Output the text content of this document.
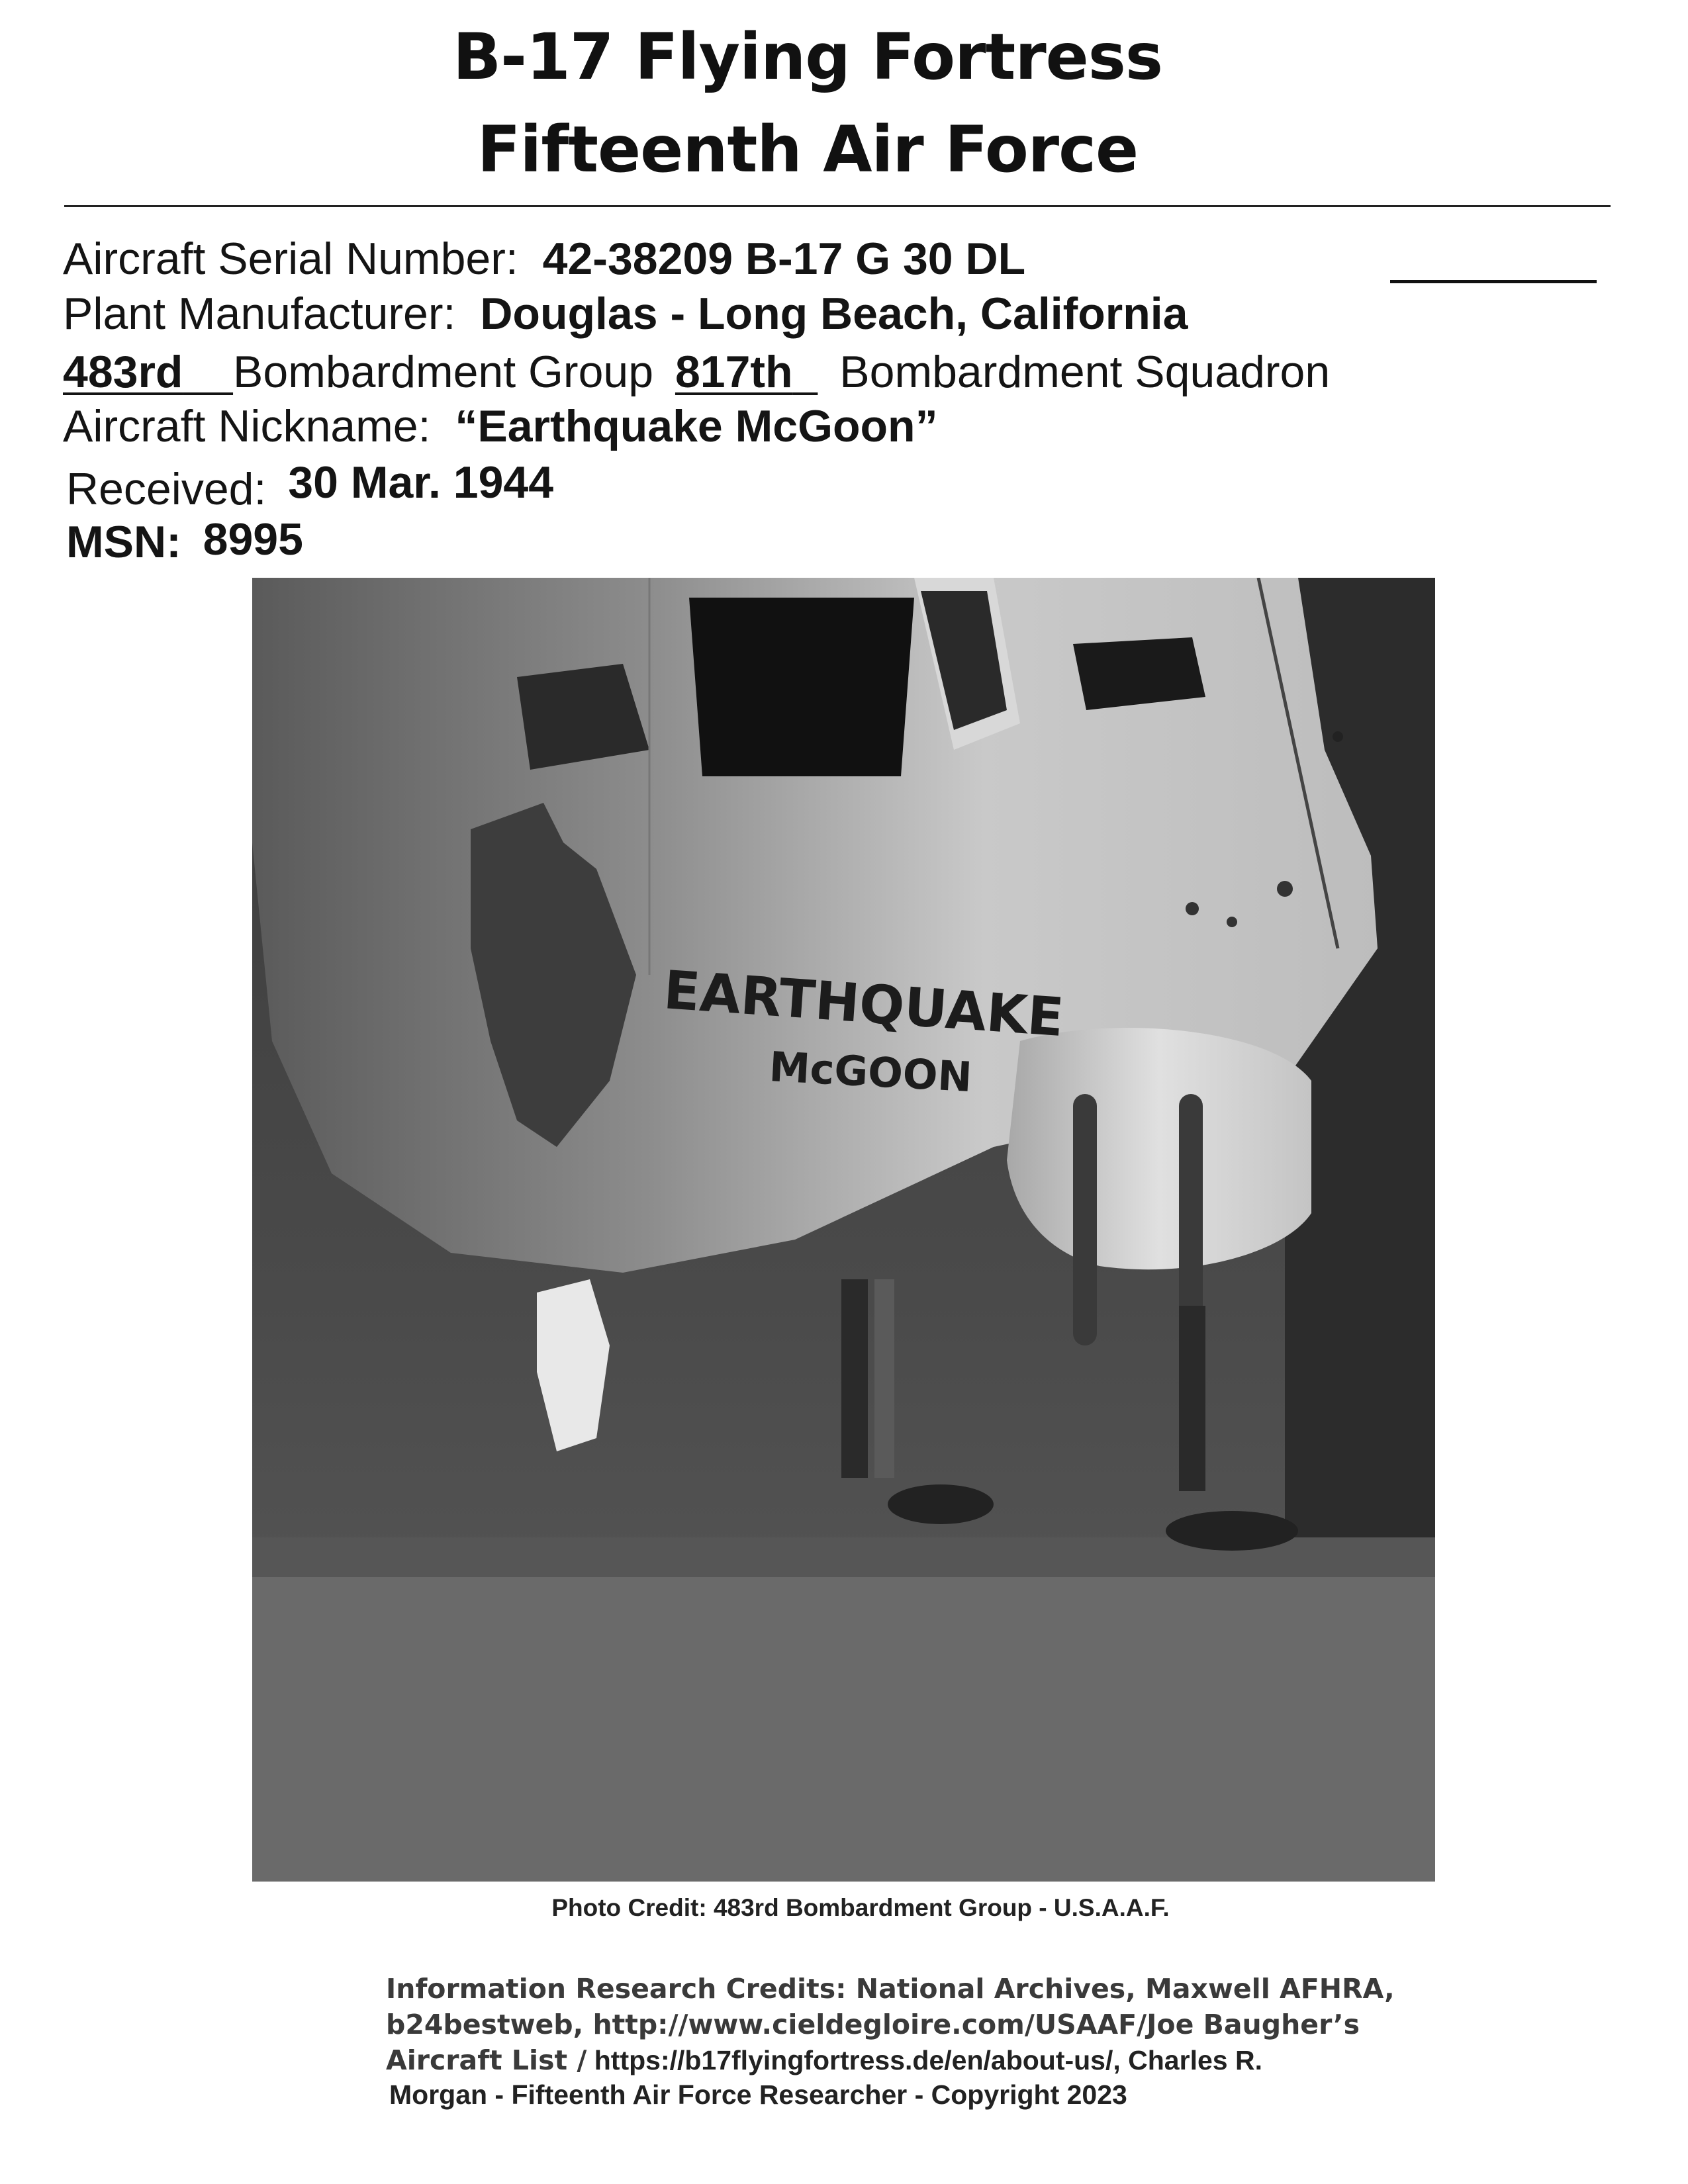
B-17 Flying Fortress
Fifteenth Air Force
Aircraft Serial Number: 42-38209 B-17 G 30 DL
Plant Manufacturer: Douglas - Long Beach, California
483rd Bombardment Group 817th Bombardment Squadron
Aircraft Nickname: “Earthquake McGoon”
Received: 30 Mar. 1944
MSN: 8995
EARTHQUAKE
McGOON
Photo Credit: 483rd Bombardment Group - U.S.A.A.F.
Information Research Credits: National Archives, Maxwell AFHRA,
b24bestweb, http://www.cieldegloire.com/USAAF/Joe Baugher’s
Aircraft List / https://b17flyingfortress.de/en/about-us/, Charles R.
Morgan - Fifteenth Air Force Researcher - Copyright 2023
